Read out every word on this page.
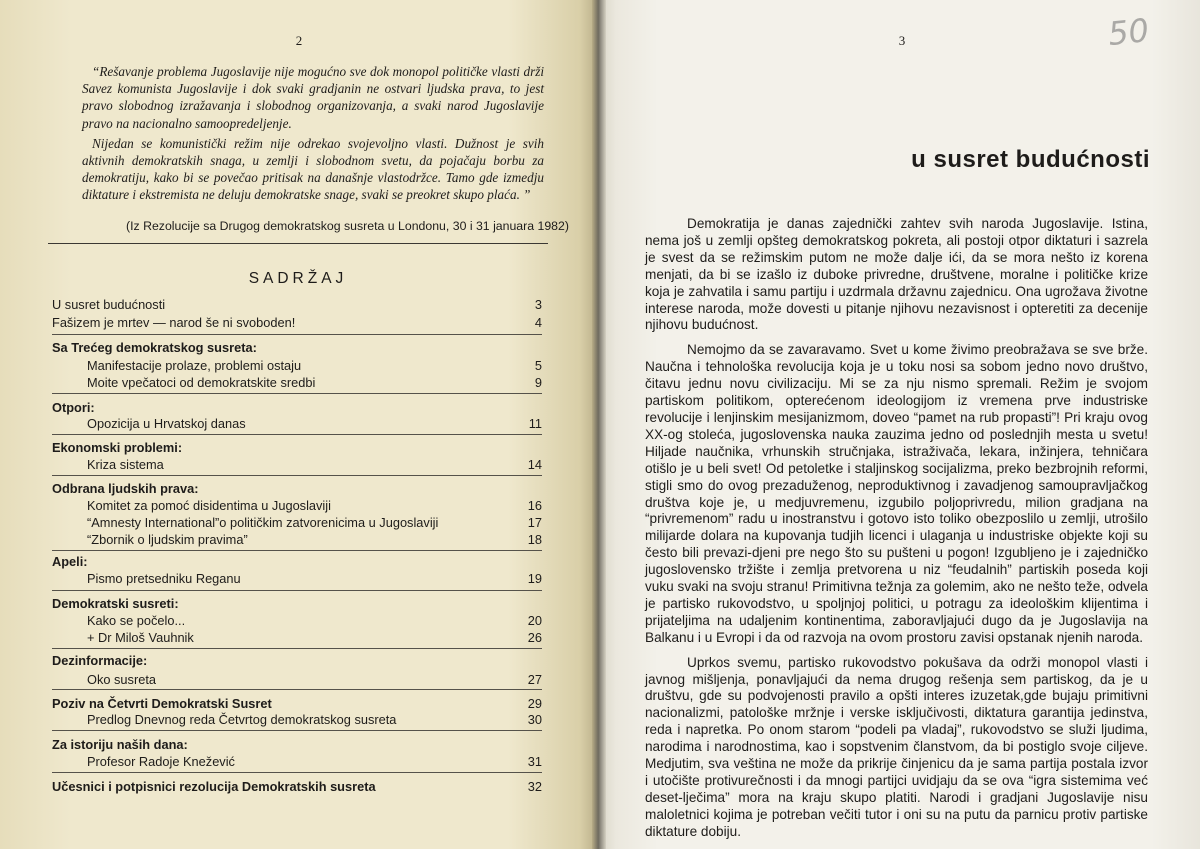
2

“Rešavanje problema Jugoslavije nije mogućno sve dok monopol političke vlasti drži Savez komunista Jugoslavije i dok svaki gradjanin ne ostvari ljudska prava, to jest pravo slobodnog izražavanja i slobodnog organizovanja, a svaki narod Jugoslavije pravo na nacionalno samoopredeljenje.

Nijedan se komunistički režim nije odrekao svojevoljno vlasti. Dužnost je svih aktivnih demokratskih snaga, u zemlji i slobodnom svetu, da pojačaju borbu za demokratiju, kako bi se povečao pritisak na današnje vlastodržce. Tamo gde izmedju diktature i ekstremista ne deluju demokratske snage, svaki se preokret skupo plaća. ”

(Iz Rezolucije sa Drugog demokratskog susreta u Londonu, 30 i 31 januara 1982)
SADRŽAJ
U susret budućnosti	3
Fašizem je mrtev — narod še ni svoboden!	4
Sa Trećeg demokratskog susreta:
Manifestacije prolaze, problemi ostaju	5
Moite vpečatoci od demokratskite sredbi	9
Otpori:
Opozicija u Hrvatskoj danas	11
Ekonomski problemi:
Kriza sistema	14
Odbrana ljudskih prava:
Komitet za pomoć disidentima u Jugoslaviji	16
“Amnesty International”o političkim zatvorenicima u Jugoslaviji	17
“Zbornik o ljudskim pravima”	18
Apeli:
Pismo pretsedniku Reganu	19
Demokratski susreti:
Kako se počelo...	20
+ Dr Miloš Vauhnik	26
Dezinformacije:
Oko susreta	27
Poziv na Četvrti Demokratski Susret	29
Predlog Dnevnog reda Četvrtog demokratskog susreta	30
Za istoriju naših dana:
Profesor Radoje Knežević	31
Učesnici i potpisnici rezolucija Demokratskih susreta	32
3	50
u susret budućnosti

Demokratija je danas zajednički zahtev svih naroda Jugoslavije. Istina, nema još u zemlji opšteg demokratskog pokreta, ali postoji otpor diktaturi i sazrela je svest da se režimskim putom ne može dalje ići, da se mora nešto iz korena menjati, da bi se izašlo iz duboke privredne, društvene, moralne i političke krize koja je zahvatila i samu partiju i uzdrmala državnu zajednicu. Ona ugrožava životne interese naroda, može dovesti u pitanje njihovu nezavisnost i opteretiti za decenije njihovu budućnost.

Nemojmo da se zavaravamo. Svet u kome živimo preobražava se sve brže. Naučna i tehnološka revolucija koja je u toku nosi sa sobom jedno novo društvo, čitavu jednu novu civilizaciju. Mi se za nju nismo spremali. Režim je svojom partiskom politikom, opterećenom ideologijom iz vremena prve industriske revolucije i lenjinskim mesijanizmom, doveo “pamet na rub propasti”! Pri kraju ovog XX-og stoleća, jugoslovenska nauka zauzima jedno od poslednjih mesta u svetu! Hiljade naučnika, vrhunskih stručnjaka, istraživača, lekara, inžinjera, tehničara otišlo je u beli svet! Od petoletke i staljinskog socijalizma, preko bezbrojnih reformi, stigli smo do ovog prezaduženog, neproduktivnog i zavadjenog samoupravljačkog društva koje je, u medjuvremenu, izgubilo poljoprivredu, milion gradjana na “privremenom” radu u inostranstvu i gotovo isto toliko obezposlilo u zemlji, utrošilo milijarde dolara na kupovanja tudjih licenci i ulaganja u industriske objekte koji su često bili prevazi-djeni pre nego što su pušteni u pogon! Izgubljeno je i zajedničko jugoslovensko tržište i zemlja pretvorena u niz “feudalnih” partiskih poseda koji vuku svaki na svoju stranu! Primitivna težnja za golemim, ako ne nešto teže, odvela je partisko rukovodstvo, u spoljnjoj politici, u potragu za ideološkim klijentima i prijateljima na udaljenim kontinentima, zaboravljajući dugo da je Jugoslavija na Balkanu i u Evropi i da od razvoja na ovom prostoru zavisi opstanak njenih naroda.

Uprkos svemu, partisko rukovodstvo pokušava da održi monopol vlasti i javnog mišljenja, ponavljajući da nema drugog rešenja sem partiskog, da je u društvu, gde su podvojenosti pravilo a opšti interes izuzetak,gde bujaju primitivni nacionalizmi, patološke mržnje i verske isključivosti, diktatura garantija jedinstva, reda i napretka. Po onom starom “podeli pa vladaj”, rukovodstvo se služi ljudima, narodima i narodnostima, kao i sopstvenim članstvom, da bi postiglo svoje ciljeve. Medjutim, sva veština ne može da prikrije činjenicu da je sama partija postala izvor i utočište protivurečnosti i da mnogi partijci uvidjaju da se ova “igra sistemima već deset-lječima” mora na kraju skupo platiti. Narodi i gradjani Jugoslavije nisu maloletnici kojima je potreban večiti tutor i oni su na putu da parnicu protiv partiske diktature dobiju.
